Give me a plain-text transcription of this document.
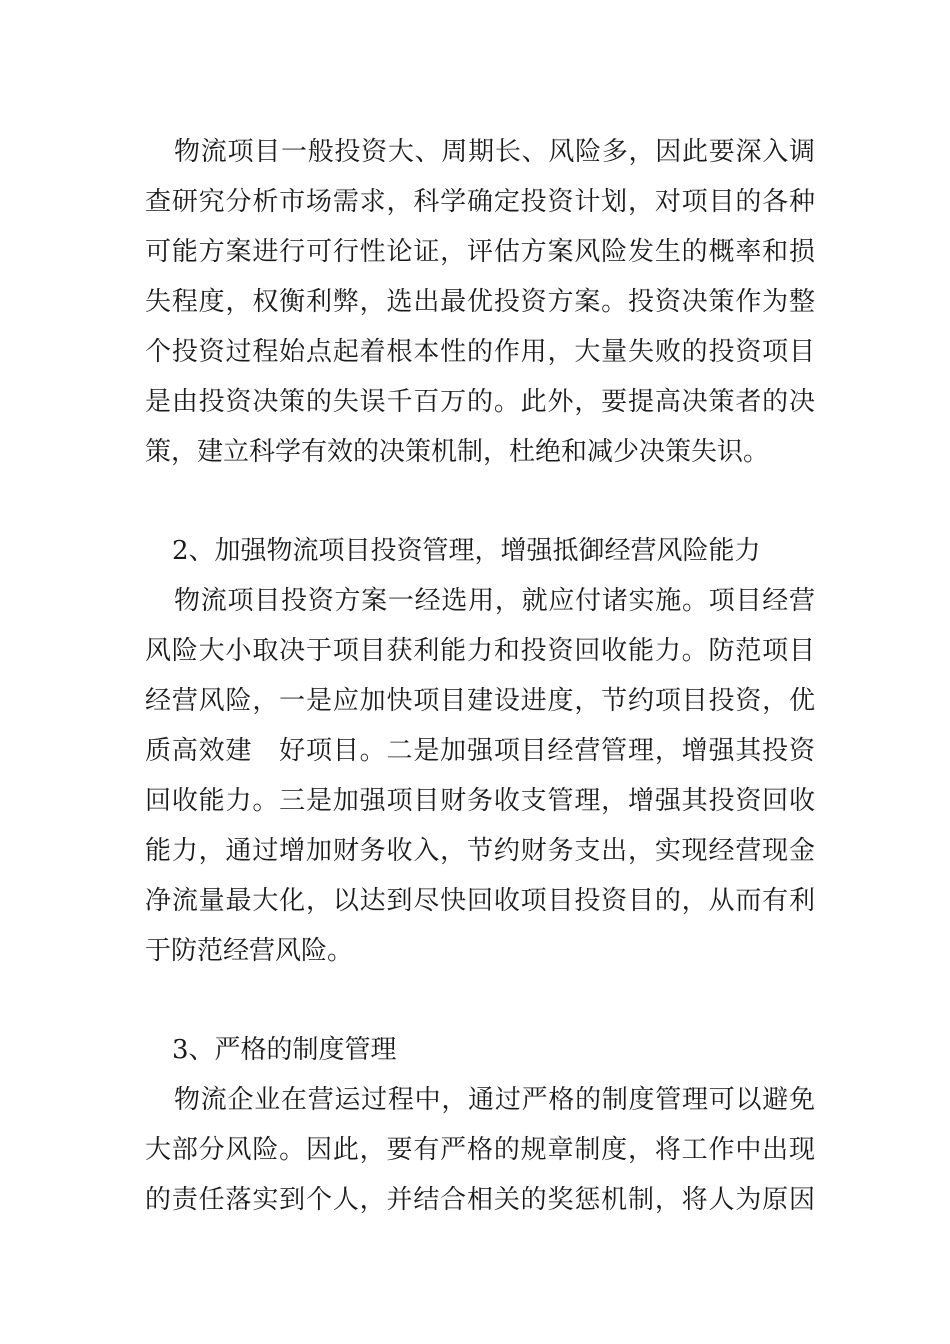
物流项目一般投资大、周期长、风险多，因此要深入调
查研究分析市场需求，科学确定投资计划，对项目的各种
可能方案进行可行性论证，评估方案风险发生的概率和损
失程度，权衡利弊，选出最优投资方案。投资决策作为整
个投资过程始点起着根本性的作用，大量失败的投资项目
是由投资决策的失误千百万的。此外，要提高决策者的决
策，建立科学有效的决策机制，杜绝和减少决策失识。
2、加强物流项目投资管理，增强抵御经营风险能力
物流项目投资方案一经选用，就应付诸实施。项目经营
风险大小取决于项目获利能力和投资回收能力。防范项目
经营风险，一是应加快项目建设进度，节约项目投资，优
质高效建　好项目。二是加强项目经营管理，增强其投资
回收能力。三是加强项目财务收支管理，增强其投资回收
能力，通过增加财务收入，节约财务支出，实现经营现金
净流量最大化，以达到尽快回收项目投资目的，从而有利
于防范经营风险。
3、严格的制度管理
物流企业在营运过程中，通过严格的制度管理可以避免
大部分风险。因此，要有严格的规章制度，将工作中出现
的责任落实到个人，并结合相关的奖惩机制，将人为原因
